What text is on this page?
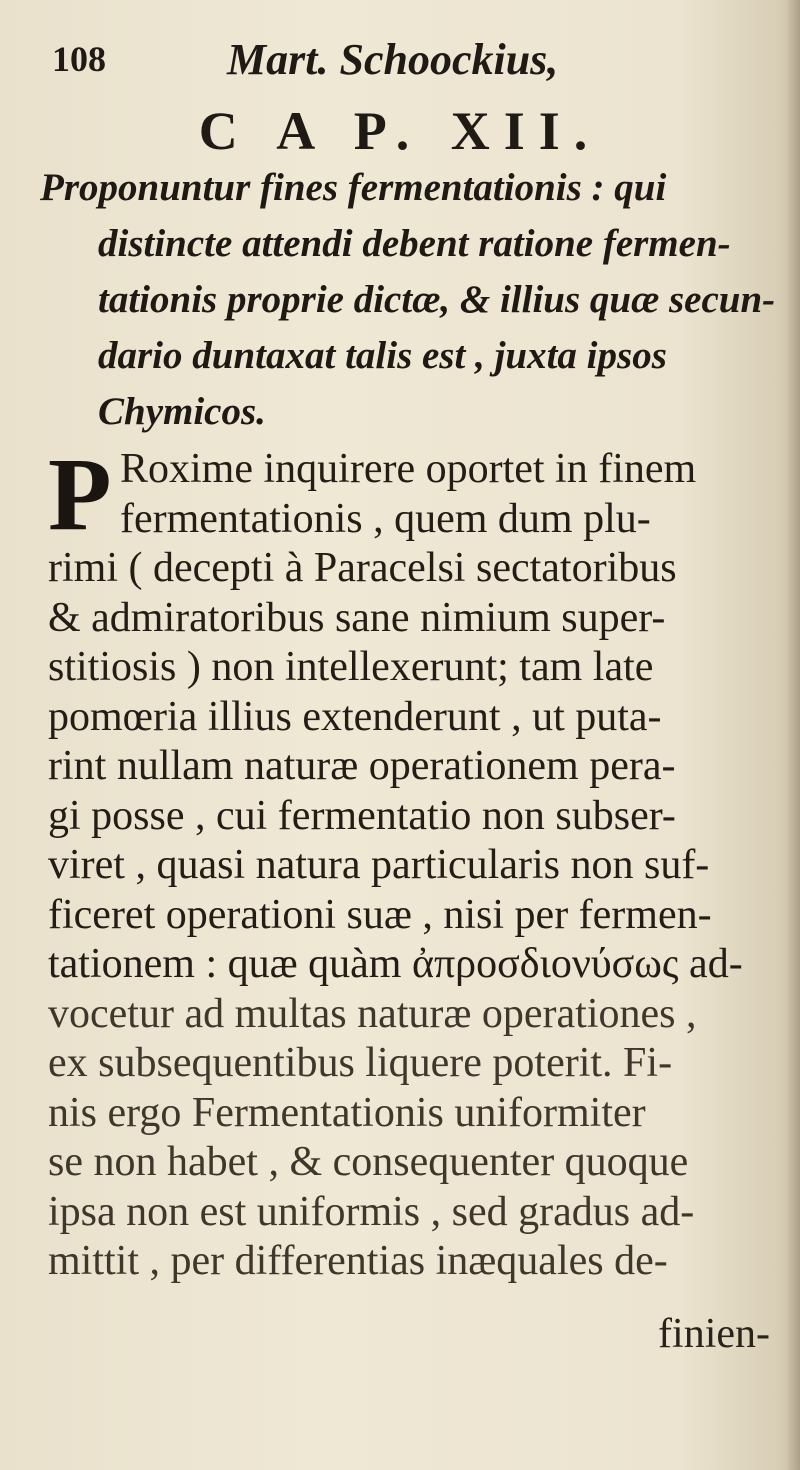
108	Mart. Schoockius,
C A P. XII.
Proponuntur fines fermentationis : qui
distincte attendi debent ratione fermen-
tationis proprie dictæ, & illius quæ secun-
dario duntaxat talis est , juxta ipsos
Chymicos.
P Roxime inquirere oportet in finem
fermentationis , quem dum plu-
rimi ( decepti à Paracelsi sectatoribus
& admiratoribus sane nimium super-
stitiosis ) non intellexerunt; tam late
pomœria illius extenderunt , ut puta-
rint nullam naturæ operationem pera-
gi posse , cui fermentatio non subser-
viret , quasi natura particularis non suf-
ficeret operationi suæ , nisi per fermen-
tationem : quæ quàm ἀπροσδιονύσως ad-
vocetur ad multas naturæ operationes ,
ex subsequentibus liquere poterit. Fi-
nis ergo Fermentationis uniformiter
se non habet , & consequenter quoque
ipsa non est uniformis , sed gradus ad-
mittit , per differentias inæquales de-
finien-
